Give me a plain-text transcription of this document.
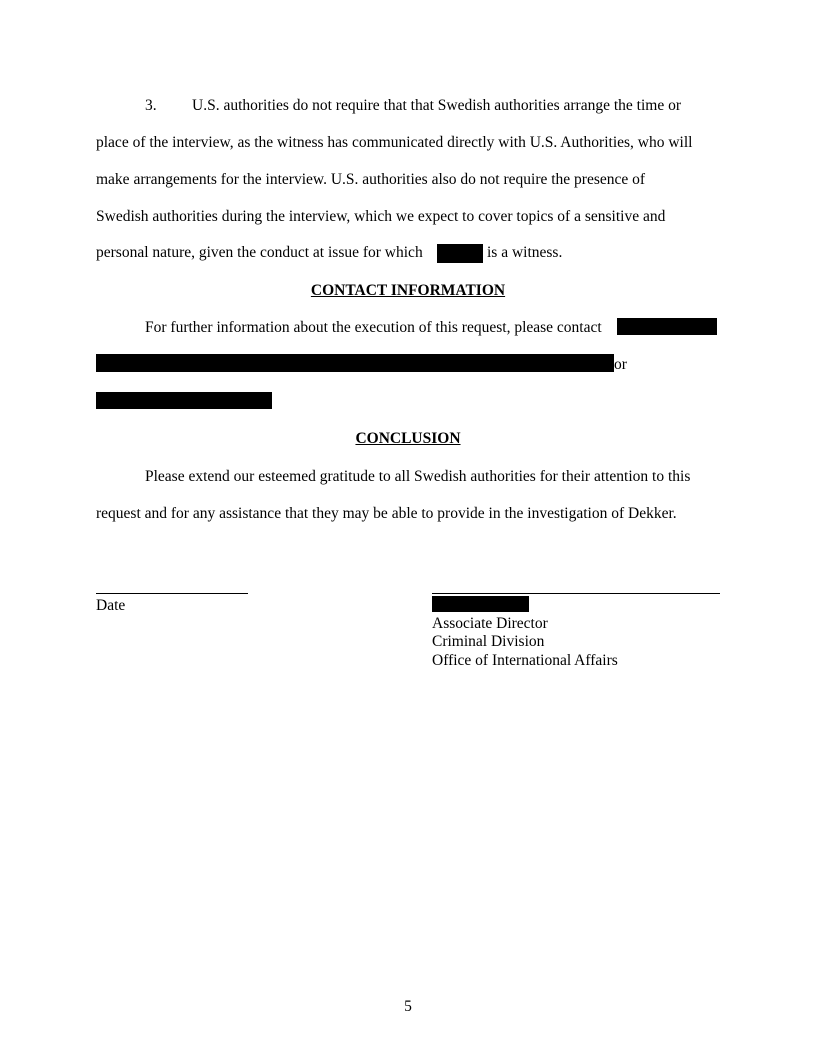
3. U.S. authorities do not require that that Swedish authorities arrange the time or
place of the interview, as the witness has communicated directly with U.S. Authorities, who will
make arrangements for the interview. U.S. authorities also do not require the presence of
Swedish authorities during the interview, which we expect to cover topics of a sensitive and
personal nature, given the conduct at issue for which	is a witness.
CONTACT INFORMATION
For further information about the execution of this request, please contact
or
CONCLUSION
Please extend our esteemed gratitude to all Swedish authorities for their attention to this
request and for any assistance that they may be able to provide in the investigation of Dekker.
Date
Associate Director
Criminal Division
Office of International Affairs
5
